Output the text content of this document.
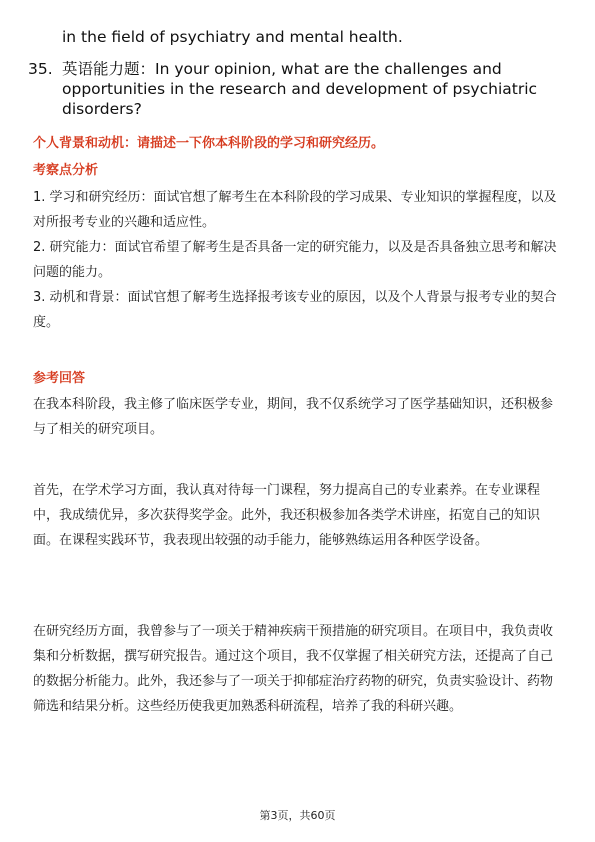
in the field of psychiatry and mental health.

35. 英语能力题：In your opinion, what are the challenges and opportunities in the research and development of psychiatric disorders?

个人背景和动机：请描述一下你本科阶段的学习和研究经历。

考察点分析

1. 学习和研究经历：面试官想了解考生在本科阶段的学习成果、专业知识的掌握程度，以及对所报考专业的兴趣和适应性。

2. 研究能力：面试官希望了解考生是否具备一定的研究能力，以及是否具备独立思考和解决问题的能力。

3. 动机和背景：面试官想了解考生选择报考该专业的原因，以及个人背景与报考专业的契合度。

参考回答

在我本科阶段，我主修了临床医学专业，期间，我不仅系统学习了医学基础知识，还积极参与了相关的研究项目。

首先，在学术学习方面，我认真对待每一门课程，努力提高自己的专业素养。在专业课程中，我成绩优异，多次获得奖学金。此外，我还积极参加各类学术讲座，拓宽自己的知识面。在课程实践环节，我表现出较强的动手能力，能够熟练运用各种医学设备。

在研究经历方面，我曾参与了一项关于精神疾病干预措施的研究项目。在项目中，我负责收集和分析数据，撰写研究报告。通过这个项目，我不仅掌握了相关研究方法，还提高了自己的数据分析能力。此外，我还参与了一项关于抑郁症治疗药物的研究，负责实验设计、药物筛选和结果分析。这些经历使我更加熟悉科研流程，培养了我的科研兴趣。

第3页，共60页
